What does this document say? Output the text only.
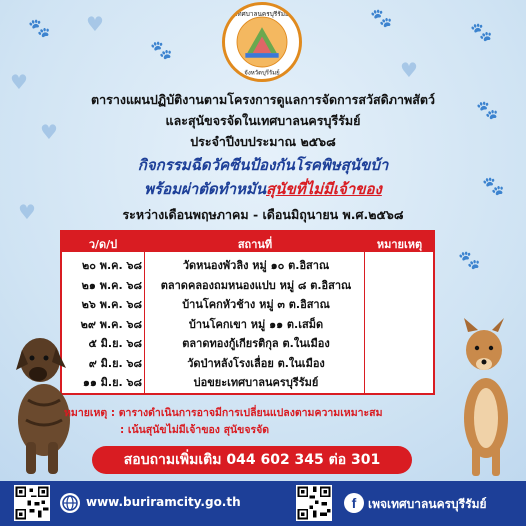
🐾 ♥
🐾
🐾
♥
🐾
♥
🐾
♥
🐾
♥
🐾
เทศบาลนครบุรีรัมย์
จังหวัดบุรีรัมย์
ตารางแผนปฏิบัติงานตามโครงการดูแลการจัดการสวัสดิภาพสัตว์
และสุนัขจรจัดในเทศบาลนครบุรีรัมย์
ประจำปีงบประมาณ ๒๕๖๘
กิจกรรมฉีดวัคซีนป้องกันโรคพิษสุนัขบ้า
พร้อมผ่าตัดทำหมันสุนัขที่ไม่มีเจ้าของ
ระหว่างเดือนพฤษภาคม - เดือนมิถุนายน พ.ศ.๒๕๖๘
ว/ด/ป	สถานที่	หมายเหตุ
๒๐ พ.ค. ๖๘	วัดหนองพัวลิง หมู่ ๑๐ ต.อิสาณ
๒๑ พ.ค. ๖๘	ตลาดคลองถมหนองแปบ หมู่ ๘ ต.อิสาณ
๒๖ พ.ค. ๖๘	บ้านโคกหัวช้าง หมู่ ๓ ต.อิสาณ
๒๙ พ.ค. ๖๘	บ้านโคกเขา หมู่ ๑๑ ต.เสม็ด
๕ มิ.ย. ๖๘	ตลาดทองกู้เกียรติกุล ต.ในเมือง
๙ มิ.ย. ๖๘	วัดป่าหลังโรงเลื่อย ต.ในเมือง
๑๑ มิ.ย. ๖๘	บ่อขยะเทศบาลนครบุรีรัมย์
หมายเหตุ : ตารางดำเนินการอาจมีการเปลี่ยนแปลงตามความเหมาะสม
: เน้นสุนัขไม่มีเจ้าของ สุนัขจรจัด
สอบถามเพิ่มเติม 044 602 345 ต่อ 301
www.buriramcity.go.th	f เพจเทศบาลนครบุรีรัมย์
